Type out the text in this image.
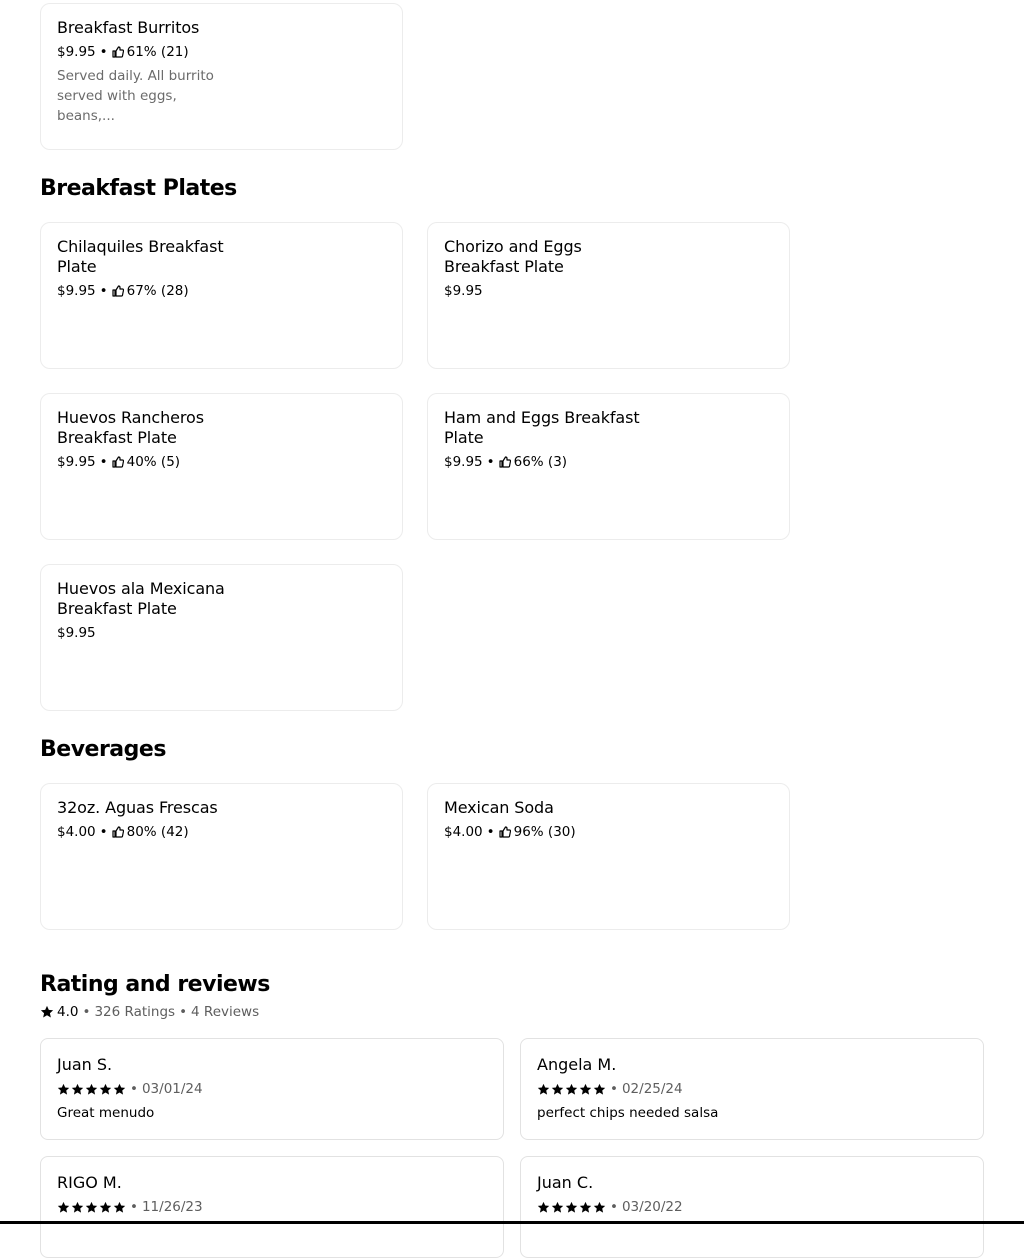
Breakfast Burritos
$9.95 • 61% (21)
Served daily. All burrito served with eggs, beans,...
Breakfast Plates
Chilaquiles Breakfast Plate
$9.95 • 67% (28)
Chorizo and Eggs Breakfast Plate
$9.95
Huevos Rancheros Breakfast Plate
$9.95 • 40% (5)
Ham and Eggs Breakfast Plate
$9.95 • 66% (3)
Huevos ala Mexicana Breakfast Plate
$9.95
Beverages
32oz. Aguas Frescas
$4.00 • 80% (42)
Mexican Soda
$4.00 • 96% (30)
Rating and reviews
4.0 • 326 Ratings • 4 Reviews
Juan S.
• 03/01/24
Great menudo
Angela M.
• 02/25/24
perfect chips needed salsa
RIGO M.
• 11/26/23
Juan C.
• 03/20/22
